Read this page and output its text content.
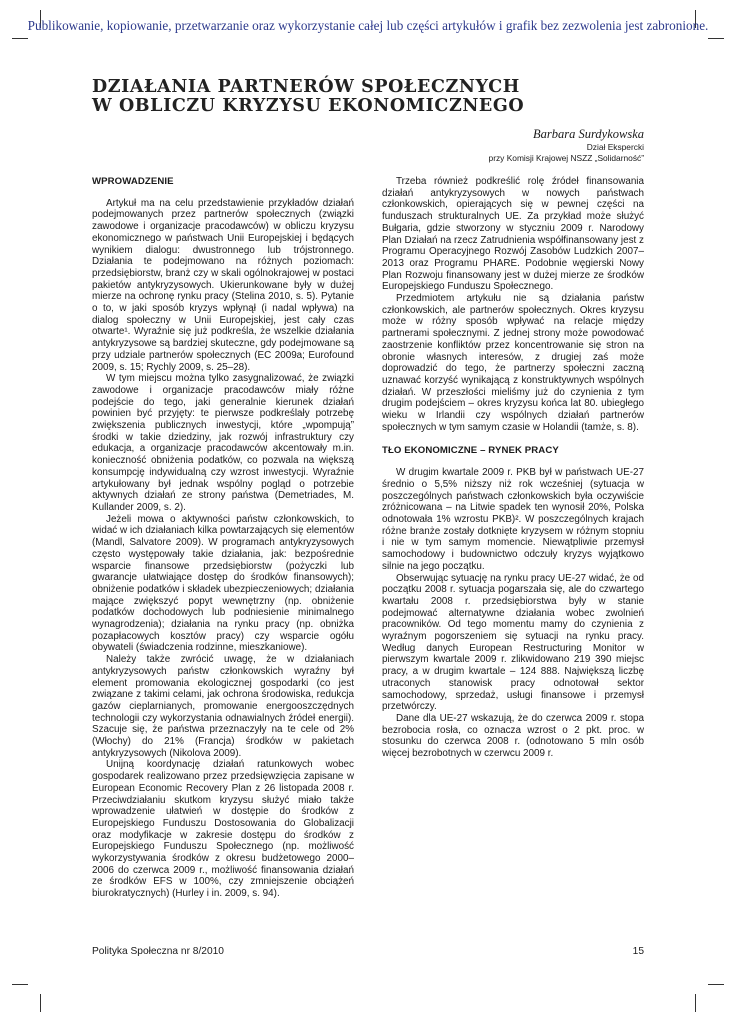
Publikowanie, kopiowanie, przetwarzanie oraz wykorzystanie całej lub części artykułów i grafik bez zezwolenia jest zabronione.
DZIAŁANIA PARTNERÓW SPOŁECZNYCH
W OBLICZU KRYZYSU EKONOMICZNEGO
Barbara Surdykowska
Dział Ekspercki
przy Komisji Krajowej NSZZ „Solidarność”
WPROWADZENIE

Artykuł ma na celu przedstawienie przykładów działań podejmowanych przez partnerów społecznych (związki zawodowe i organizacje pracodawców) w obliczu kryzysu ekonomicznego w państwach Unii Europejskiej i będących wynikiem dialogu: dwustronnego lub trójstronnego. Działania te podejmowano na różnych poziomach: przedsiębiorstw, branż czy w skali ogólnokrajowej w postaci pakietów antykryzysowych. Ukierunkowane były w dużej mierze na ochronę rynku pracy (Stelina 2010, s. 5). Pytanie o to, w jaki sposób kryzys wpłynął (i nadal wpływa) na dialog społeczny w Unii Europejskiej, jest cały czas otwarte¹. Wyraźnie się już podkreśla, że wszelkie działania antykryzysowe są bardziej skuteczne, gdy podejmowane są przy udziale partnerów społecznych (EC 2009a; Eurofound 2009, s. 15; Rychly 2009, s. 25–28).

W tym miejscu można tylko zasygnalizować, że związki zawodowe i organizacje pracodawców miały różne podejście do tego, jaki generalnie kierunek działań powinien być przyjęty: te pierwsze podkreślały potrzebę zwiększenia publicznych inwestycji, które „wpompują” środki w takie dziedziny, jak rozwój infrastruktury czy edukacja, a organizacje pracodawców akcentowały m.in. konieczność obniżenia podatków, co pozwala na większą konsumpcję indywidualną czy wzrost inwestycji. Wyraźnie artykułowany był jednak wspólny pogląd o potrzebie aktywnych działań ze strony państwa (Demetriades, M. Kullander 2009, s. 2).

Jeżeli mowa o aktywności państw członkowskich, to widać w ich działaniach kilka powtarzających się elementów (Mandl, Salvatore 2009). W programach antykryzysowych często występowały takie działania, jak: bezpośrednie wsparcie finansowe przedsiębiorstw (pożyczki lub gwarancje ułatwiające dostęp do środków finansowych); obniżenie podatków i składek ubezpieczeniowych; działania mające zwiększyć popyt wewnętrzny (np. obniżenie podatków dochodowych lub podniesienie minimalnego wynagrodzenia); działania na rynku pracy (np. obniżka pozapłacowych kosztów pracy) czy wsparcie ogółu obywateli (świadczenia rodzinne, mieszkaniowe).

Należy także zwrócić uwagę, że w działaniach antykryzysowych państw członkowskich wyraźny był element promowania ekologicznej gospodarki (co jest związane z takimi celami, jak ochrona środowiska, redukcja gazów cieplarnianych, promowanie energooszczędnych technologii czy wykorzystania odnawialnych źródeł energii). Szacuje się, że państwa przeznaczyły na te cele od 2% (Włochy) do 21% (Francja) środków w pakietach antykryzysowych (Nikolova 2009).

Unijną koordynację działań ratunkowych wobec gospodarek realizowano przez przedsięwzięcia zapisane w European Economic Recovery Plan z 26 listopada 2008 r. Przeciwdziałaniu skutkom kryzysu służyć miało także wprowadzenie ułatwień w dostępie do środków z Europejskiego Funduszu Dostosowania do Globalizacji oraz modyfikacje w zakresie dostępu do środków z Europejskiego Funduszu Społecznego (np. możliwość wykorzystywania środków z okresu budżetowego 2000–2006 do czerwca 2009 r., możliwość finansowania działań ze środków EFS w 100%, czy zmniejszenie obciążeń biurokratycznych) (Hurley i in. 2009, s. 94).

Trzeba również podkreślić rolę źródeł finansowania działań antykryzysowych w nowych państwach członkowskich, opierających się w pewnej części na funduszach strukturalnych UE. Za przykład może służyć Bułgaria, gdzie stworzony w styczniu 2009 r. Narodowy Plan Działań na rzecz Zatrudnienia współfinansowany jest z Programu Operacyjnego Rozwój Zasobów Ludzkich 2007–2013 oraz Programu PHARE. Podobnie węgierski Nowy Plan Rozwoju finansowany jest w dużej mierze ze środków Europejskiego Funduszu Społecznego.

Przedmiotem artykułu nie są działania państw członkowskich, ale partnerów społecznych. Okres kryzysu może w różny sposób wpływać na relacje między partnerami społecznymi. Z jednej strony może powodować zaostrzenie konfliktów przez koncentrowanie się stron na obronie własnych interesów, z drugiej zaś może doprowadzić do tego, że partnerzy społeczni zaczną uznawać korzyść wynikającą z konstruktywnych wspólnych działań. W przeszłości mieliśmy już do czynienia z tym drugim podejściem – okres kryzysu końca lat 80. ubiegłego wieku w Irlandii czy wspólnych działań partnerów społecznych w tym samym czasie w Holandii (tamże, s. 8).

TŁO EKONOMICZNE – RYNEK PRACY

W drugim kwartale 2009 r. PKB był w państwach UE-27 średnio o 5,5% niższy niż rok wcześniej (sytuacja w poszczególnych państwach członkowskich była oczywiście zróżnicowana – na Litwie spadek ten wynosił 20%, Polska odnotowała 1% wzrostu PKB)². W poszczególnych krajach różne branże zostały dotknięte kryzysem w różnym stopniu i nie w tym samym momencie. Niewątpliwie przemysł samochodowy i budownictwo odczuły kryzys wyjątkowo silnie na jego początku.

Obserwując sytuację na rynku pracy UE-27 widać, że od początku 2008 r. sytuacja pogarszała się, ale do czwartego kwartału 2008 r. przedsiębiorstwa były w stanie podejmować alternatywne działania wobec zwolnień pracowników. Od tego momentu mamy do czynienia z wyraźnym pogorszeniem się sytuacji na rynku pracy. Według danych European Restructuring Monitor w pierwszym kwartale 2009 r. zlikwidowano 219 390 miejsc pracy, a w drugim kwartale – 124 888. Największą liczbę utraconych stanowisk pracy odnotował sektor samochodowy, sprzedaż, usługi finansowe i przemysł przetwórczy.

Dane dla UE-27 wskazują, że do czerwca 2009 r. stopa bezrobocia rosła, co oznacza wzrost o 2 pkt. proc. w stosunku do czerwca 2008 r. (odnotowano 5 mln osób więcej bezrobotnych w czerwcu 2009 r.

Polityka Społeczna nr 8/2010	15
